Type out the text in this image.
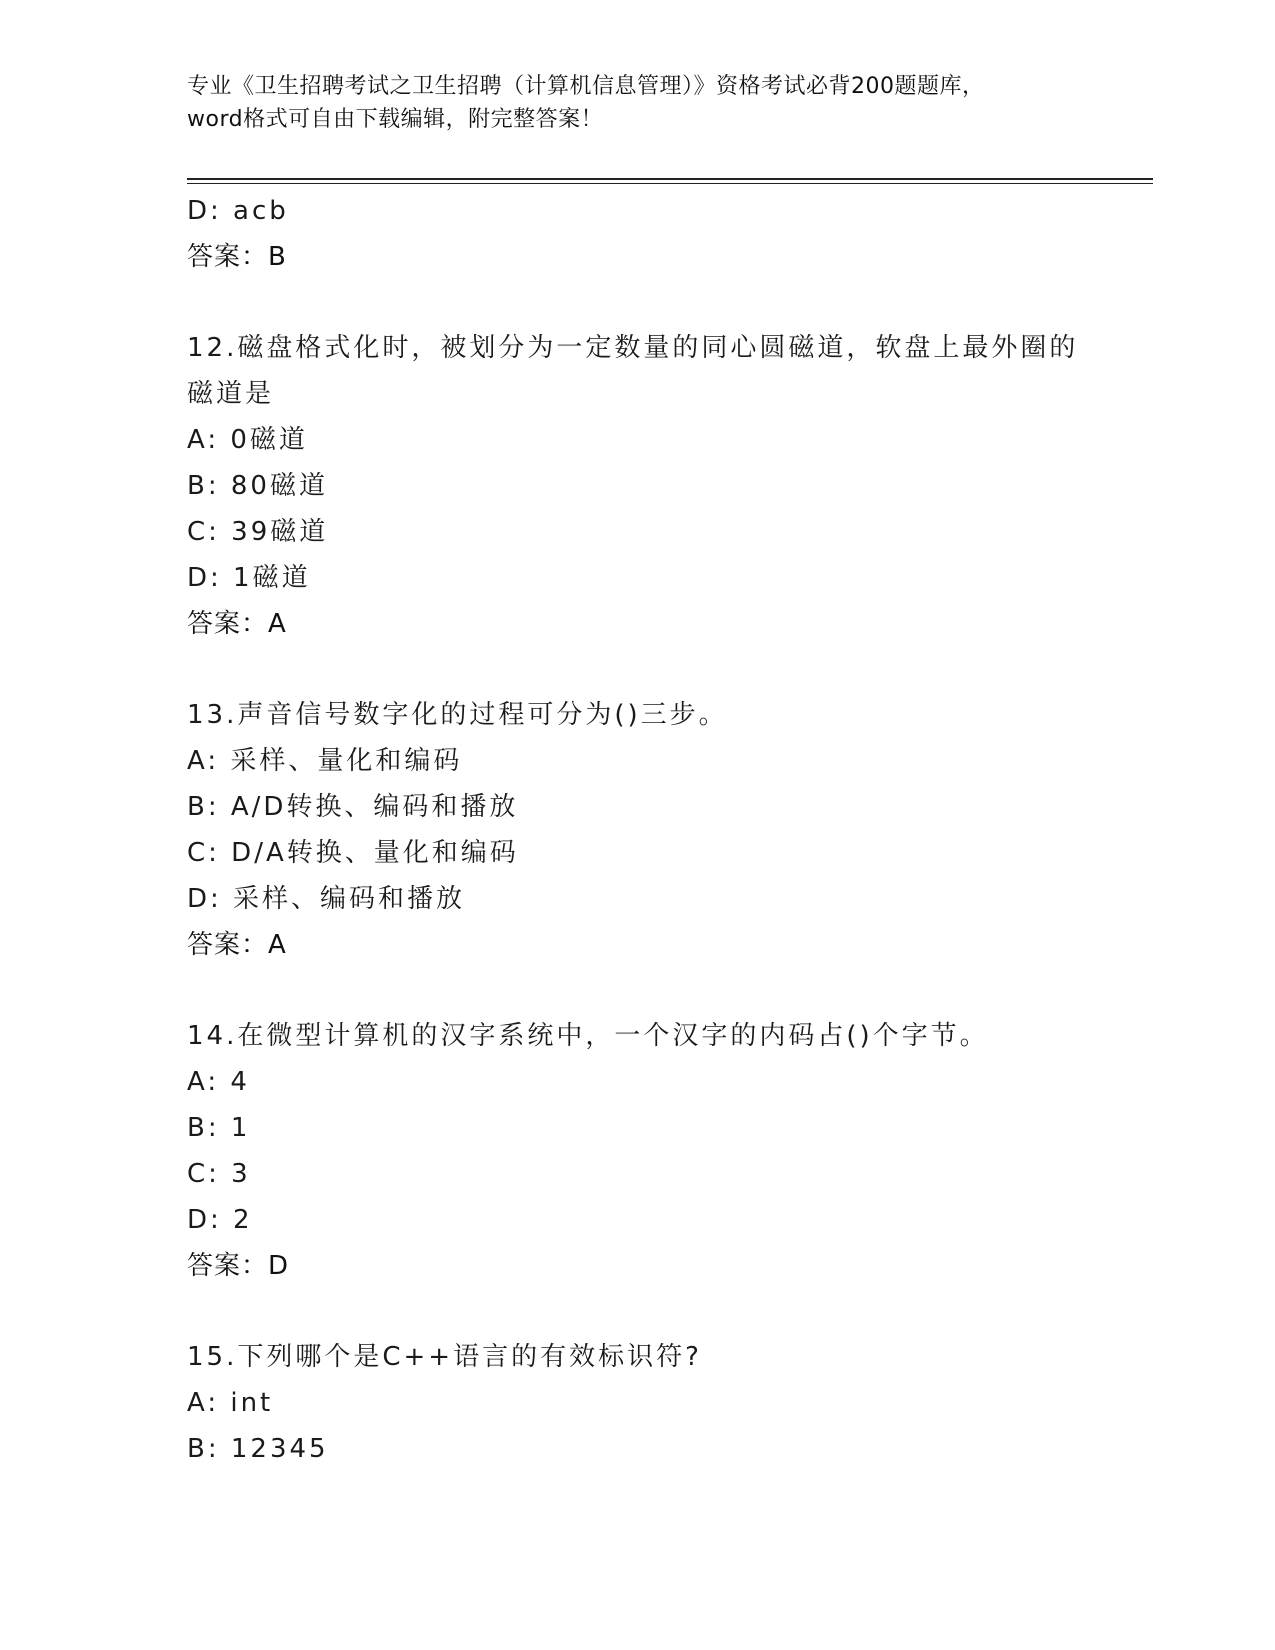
专业《卫生招聘考试之卫生招聘（计算机信息管理）》资格考试必背200题题库，
word格式可自由下载编辑，附完整答案！
D: acb
答案：B
12.磁盘格式化时，被划分为一定数量的同心圆磁道，软盘上最外圈的
磁道是
A: 0磁道
B: 80磁道
C: 39磁道
D: 1磁道
答案：A
13.声音信号数字化的过程可分为()三步。
A: 采样、量化和编码
B: A/D转换、编码和播放
C: D/A转换、量化和编码
D: 采样、编码和播放
答案：A
14.在微型计算机的汉字系统中，一个汉字的内码占()个字节。
A: 4
B: 1
C: 3
D: 2
答案：D
15.下列哪个是C++语言的有效标识符?
A: int
B: 12345
